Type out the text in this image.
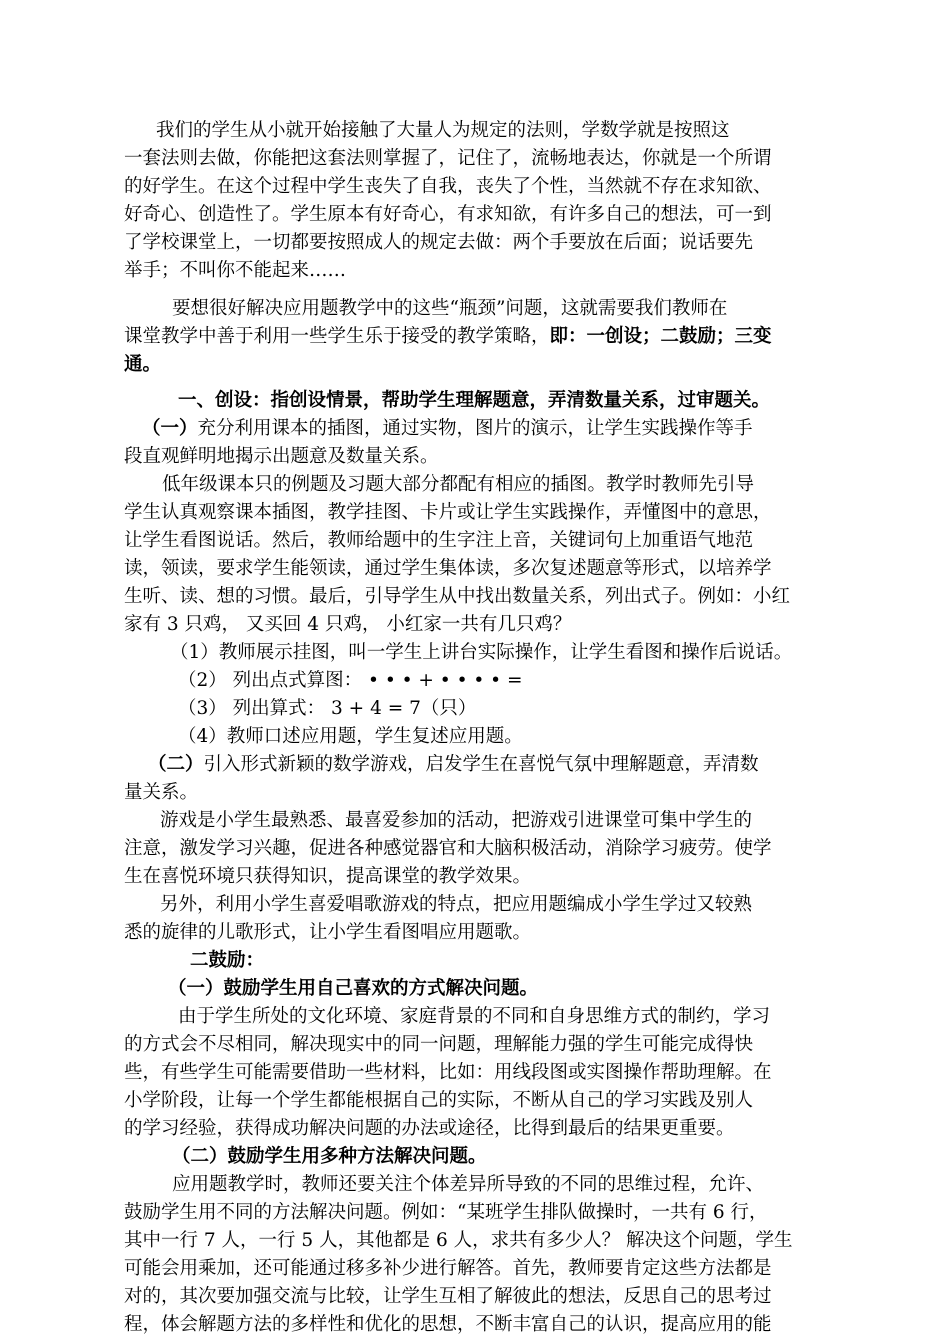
我们的学生从小就开始接触了大量人为规定的法则，学数学就是按照这
一套法则去做，你能把这套法则掌握了，记住了，流畅地表达，你就是一个所谓
的好学生。在这个过程中学生丧失了自我，丧失了个性，当然就不存在求知欲、
好奇心、创造性了。学生原本有好奇心，有求知欲，有许多自己的想法，可一到
了学校课堂上，一切都要按照成人的规定去做：两个手要放在后面；说话要先
举手；不叫你不能起来……
要想很好解决应用题教学中的这些“瓶颈”问题，这就需要我们教师在
课堂教学中善于利用一些学生乐于接受的教学策略，即：一创设；二鼓励；三变
通。
一、创设：指创设情景，帮助学生理解题意，弄清数量关系，过审题关。
（一）充分利用课本的插图，通过实物，图片的演示，让学生实践操作等手
段直观鲜明地揭示出题意及数量关系。
低年级课本只的例题及习题大部分都配有相应的插图。教学时教师先引导
学生认真观察课本插图，教学挂图、卡片或让学生实践操作，弄懂图中的意思，
让学生看图说话。然后，教师给题中的生字注上音，关键词句上加重语气地范
读，领读，要求学生能领读，通过学生集体读，多次复述题意等形式，以培养学
生听、读、想的习惯。最后，引导学生从中找出数量关系，列出式子。例如：小红
家有 3 只鸡， 又买回 4 只鸡， 小红家一共有几只鸡？
（1）教师展示挂图，叫一学生上讲台实际操作，让学生看图和操作后说话。
（2） 列出点式算图： • • • + • • • • =
（3） 列出算式： 3 + 4 = 7（只）
（4）教师口述应用题，学生复述应用题。
（二）引入形式新颖的数学游戏，启发学生在喜悦气氛中理解题意，弄清数
量关系。
游戏是小学生最熟悉、最喜爱参加的活动，把游戏引进课堂可集中学生的
注意，激发学习兴趣，促进各种感觉器官和大脑积极活动，消除学习疲劳。使学
生在喜悦环境只获得知识，提高课堂的教学效果。
另外，利用小学生喜爱唱歌游戏的特点，把应用题编成小学生学过又较熟
悉的旋律的儿歌形式，让小学生看图唱应用题歌。
二鼓励：
（一）鼓励学生用自己喜欢的方式解决问题。
由于学生所处的文化环境、家庭背景的不同和自身思维方式的制约，学习
的方式会不尽相同，解决现实中的同一问题，理解能力强的学生可能完成得快
些，有些学生可能需要借助一些材料，比如：用线段图或实图操作帮助理解。在
小学阶段，让每一个学生都能根据自己的实际，不断从自己的学习实践及别人
的学习经验，获得成功解决问题的办法或途径，比得到最后的结果更重要。
（二）鼓励学生用多种方法解决问题。
应用题教学时，教师还要关注个体差异所导致的不同的思维过程，允许、
鼓励学生用不同的方法解决问题。例如：“某班学生排队做操时，一共有 6 行，
其中一行 7 人，一行 5 人，其他都是 6 人，求共有多少人？ 解决这个问题，学生
可能会用乘加，还可能通过移多补少进行解答。首先，教师要肯定这些方法都是
对的，其次要加强交流与比较，让学生互相了解彼此的想法，反思自己的思考过
程，体会解题方法的多样性和优化的思想，不断丰富自己的认识，提高应用的能
